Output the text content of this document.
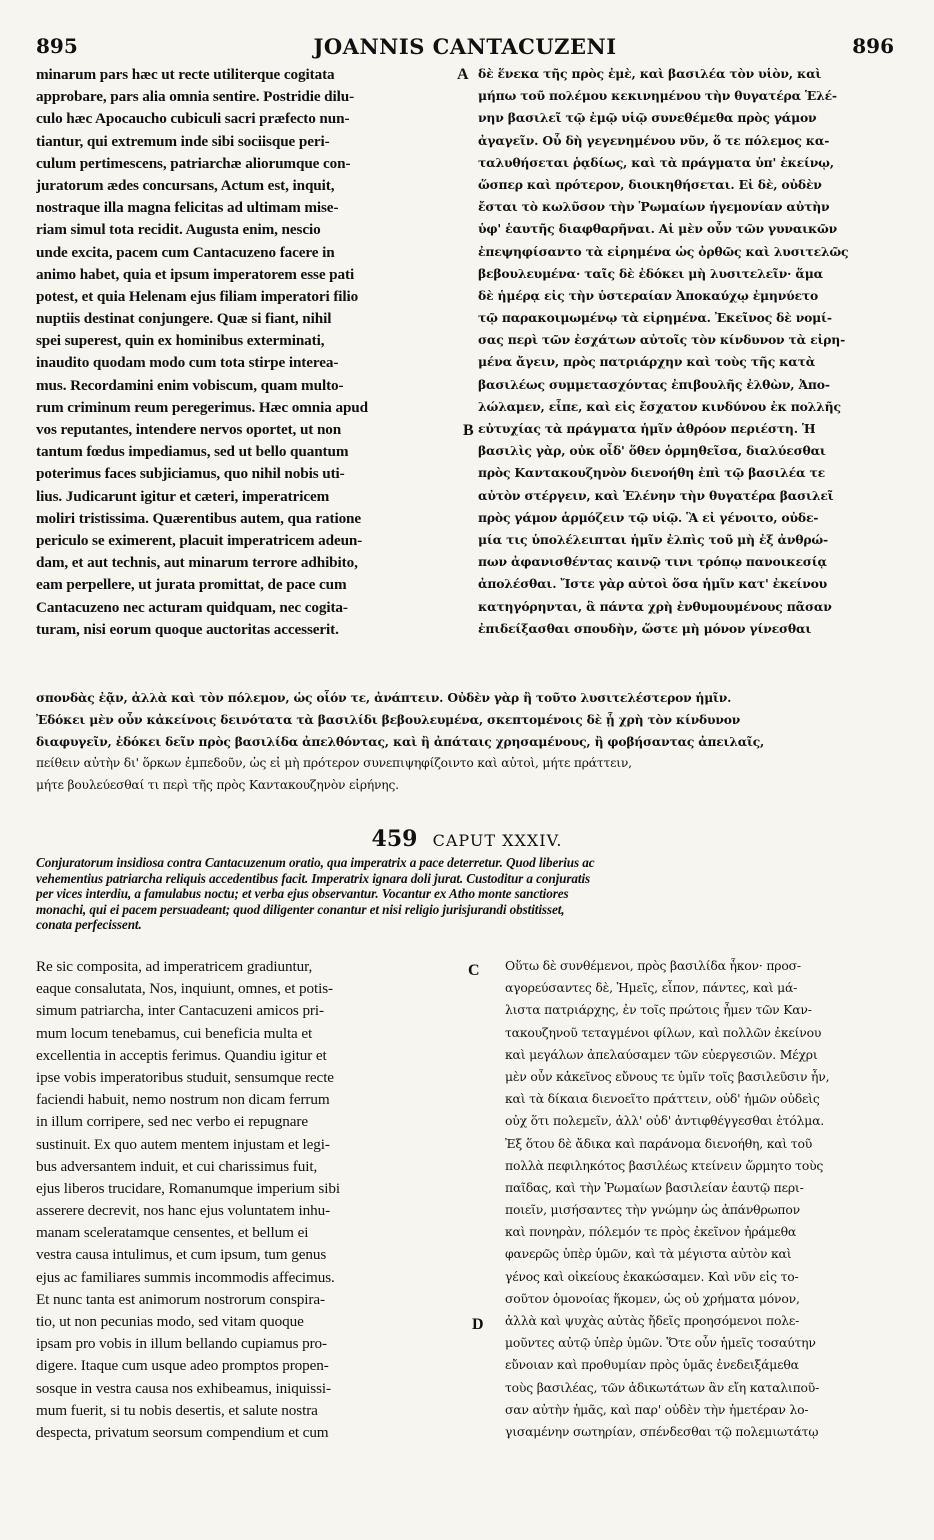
895	JOANNIS CANTACUZENI	896
minarum pars hæc ut recte utiliterque cogitata
approbare, pars alia omnia sentire. Postridie dilu-
culo hæc Apocaucho cubiculi sacri præfecto nun-
tiantur, qui extremum inde sibi sociisque peri-
culum pertimescens, patriarchæ aliorumque con-
juratorum ædes concursans, Actum est, inquit,
nostraque illa magna felicitas ad ultimam mise-
riam simul tota recidit. Augusta enim, nescio
unde excita, pacem cum Cantacuzeno facere in
animo habet, quia et ipsum imperatorem esse pati
potest, et quia Helenam ejus filiam imperatori filio
nuptiis destinat conjungere. Quæ si fiant, nihil
spei superest, quin ex hominibus exterminati,
inaudito quodam modo cum tota stirpe interea-
mus. Recordamini enim vobiscum, quam multo-
rum criminum reum peregerimus. Hæc omnia apud
vos reputantes, intendere nervos oportet, ut non
tantum fœdus impediamus, sed ut bello quantum
poterimus faces subjiciamus, quo nihil nobis uti-
lius. Judicarunt igitur et cæteri, imperatricem
moliri tristissima. Quærentibus autem, qua ratione
periculo se eximerent, placuit imperatricem adeun-
dam, et aut technis, aut minarum terrore adhibito,
eam perpellere, ut jurata promittat, de pace cum
Cantacuzeno nec acturam quidquam, nec cogita-
turam, nisi eorum quoque auctoritas accesserit.
δὲ ἕνεκα τῆς πρὸς ἐμὲ, καὶ βασιλέα τὸν υἱὸν, καὶ
μήπω τοῦ πολέμου κεκινημένου τὴν θυγατέρα Ἑλέ-
νην βασιλεῖ τῷ ἐμῷ υἱῷ συνεθέμεθα πρὸς γάμον
ἀγαγεῖν. Οὗ δὴ γεγενημένου νῦν, ὅ τε πόλεμος κα-
ταλυθήσεται ῥᾳδίως, καὶ τὰ πράγματα ὑπ' ἐκείνῳ,
ὥσπερ καὶ πρότερον, διοικηθήσεται. Εἰ δὲ, οὐδὲν
ἔσται τὸ κωλῦσον τὴν Ῥωμαίων ἡγεμονίαν αὐτὴν
ὑφ' ἑαυτῆς διαφθαρῆναι. Αἱ μὲν οὖν τῶν γυναικῶν
ἐπεψηφίσαντο τὰ εἰρημένα ὡς ὀρθῶς καὶ λυσιτελῶς
βεβουλευμένα· ταῖς δὲ ἐδόκει μὴ λυσιτελεῖν· ἅμα
δὲ ἡμέρᾳ εἰς τὴν ὑστεραίαν Ἀποκαύχῳ ἐμηνύετο
τῷ παρακοιμωμένῳ τὰ εἰρημένα. Ἐκεῖνος δὲ νομί-
σας περὶ τῶν ἐσχάτων αὐτοῖς τὸν κίνδυνον τὰ εἰρη-
μένα ἄγειν, πρὸς πατριάρχην καὶ τοὺς τῆς κατὰ
βασιλέως συμμετασχόντας ἐπιβουλῆς ἐλθὼν, Ἀπο-
λώλαμεν, εἶπε, καὶ εἰς ἔσχατον κινδύνου ἐκ πολλῆς
εὐτυχίας τὰ πράγματα ἡμῖν ἀθρόον περιέστη. Ἡ
βασιλὶς γὰρ, οὐκ οἶδ' ὅθεν ὁρμηθεῖσα, διαλύεσθαι
πρὸς Καντακουζηνὸν διενοήθη ἐπὶ τῷ βασιλέα τε
αὐτὸν στέργειν, καὶ Ἑλένην τὴν θυγατέρα βασιλεῖ
πρὸς γάμον ἁρμόζειν τῷ υἱῷ. Ἃ εἰ γένοιτο, οὐδε-
μία τις ὑπολέλειπται ἡμῖν ἐλπὶς τοῦ μὴ ἐξ ἀνθρώ-
πων ἀφανισθέντας καινῷ τινι τρόπῳ πανοικεσίᾳ
ἀπολέσθαι. Ἴστε γὰρ αὐτοὶ ὅσα ἡμῖν κατ' ἐκείνου
κατηγόρηνται, ἃ πάντα χρὴ ἐνθυμουμένους πᾶσαν
ἐπιδείξασθαι σπουδὴν, ὥστε μὴ μόνον γίνεσθαι
A
B
σπονδὰς ἐᾷν, ἀλλὰ καὶ τὸν πόλεμον, ὡς οἷόν τε, ἀνάπτειν. Οὐδὲν γὰρ ἢ τοῦτο λυσιτελέστερον ἡμῖν.
Ἐδόκει μὲν οὖν κἀκείνοις δεινότατα τὰ βασιλίδι βεβουλευμένα, σκεπτομένοις δὲ ᾗ χρὴ τὸν κίνδυνον
διαφυγεῖν, ἐδόκει δεῖν πρὸς βασιλίδα ἀπελθόντας, καὶ ἢ ἀπάταις χρησαμένους, ἢ φοβήσαντας ἀπειλαῖς,
πείθειν αὐτὴν δι' ὅρκων ἐμπεδοῦν, ὡς εἰ μὴ πρότερον συνεπιψηφίζοιντο καὶ αὐτοὶ, μήτε πράττειν,
μήτε βουλεύεσθαί τι περὶ τῆς πρὸς Καντακουζηνὸν εἰρήνης.
459 CAPUT XXXIV.
Conjuratorum insidiosa contra Cantacuzenum oratio, qua imperatrix a pace deterretur. Quod liberius ac
vehementius patriarcha reliquis accedentibus facit. Imperatrix ignara doli jurat. Custoditur a conjuratis
per vices interdiu, a famulabus noctu; et verba ejus observantur. Vocantur ex Atho monte sanctiores
monachi, qui ei pacem persuadeant; quod diligenter conantur et nisi religio jurisjurandi obstitisset,
conata perfecissent.
Re sic composita, ad imperatricem gradiuntur,
eaque consalutata, Nos, inquiunt, omnes, et potis-
simum patriarcha, inter Cantacuzeni amicos pri-
mum locum tenebamus, cui beneficia multa et
excellentia in acceptis ferimus. Quandiu igitur et
ipse vobis imperatoribus studuit, sensumque recte
faciendi habuit, nemo nostrum non dicam ferrum
in illum corripere, sed nec verbo ei repugnare
sustinuit. Ex quo autem mentem injustam et legi-
bus adversantem induit, et cui charissimus fuit,
ejus liberos trucidare, Romanumque imperium sibi
asserere decrevit, nos hanc ejus voluntatem inhu-
manam sceleratamque censentes, et bellum ei
vestra causa intulimus, et cum ipsum, tum genus
ejus ac familiares summis incommodis affecimus.
Et nunc tanta est animorum nostrorum conspira-
tio, ut non pecunias modo, sed vitam quoque
ipsam pro vobis in illum bellando cupiamus pro-
digere. Itaque cum usque adeo promptos propen-
sosque in vestra causa nos exhibeamus, iniquissi-
mum fuerit, si tu nobis desertis, et salute nostra
despecta, privatum seorsum compendium et cum
Οὕτω δὲ συνθέμενοι, πρὸς βασιλίδα ἧκον· προσ-
αγορεύσαντες δὲ, Ἡμεῖς, εἶπον, πάντες, καὶ μά-
λιστα πατριάρχης, ἐν τοῖς πρώτοις ἦμεν τῶν Καν-
τακουζηνοῦ τεταγμένοι φίλων, καὶ πολλῶν ἐκείνου
καὶ μεγάλων ἀπελαύσαμεν τῶν εὐεργεσιῶν. Μέχρι
μὲν οὖν κἀκεῖνος εὔνους τε ὑμῖν τοῖς βασιλεῦσιν ἦν,
καὶ τὰ δίκαια διενοεῖτο πράττειν, οὐδ' ἡμῶν οὐδεὶς
οὐχ ὅτι πολεμεῖν, ἀλλ' οὐδ' ἀντιφθέγγεσθαι ἐτόλμα.
Ἐξ ὅτου δὲ ἄδικα καὶ παράνομα διενοήθη, καὶ τοῦ
πολλὰ πεφιληκότος βασιλέως κτείνειν ὥρμητο τοὺς
παῖδας, καὶ τὴν Ῥωμαίων βασιλείαν ἑαυτῷ περι-
ποιεῖν, μισήσαντες τὴν γνώμην ὡς ἀπάνθρωπον
καὶ πονηρὰν, πόλεμόν τε πρὸς ἐκεῖνον ἠράμεθα
φανερῶς ὑπὲρ ὑμῶν, καὶ τὰ μέγιστα αὐτὸν καὶ
γένος καὶ οἰκείους ἐκακώσαμεν. Καὶ νῦν εἰς το-
σοῦτον ὁμονοίας ἥκομεν, ὡς οὐ χρήματα μόνον,
ἀλλὰ καὶ ψυχὰς αὐτὰς ἤδεῖς προησόμενοι πολε-
μοῦντες αὐτῷ ὑπὲρ ὑμῶν. Ὅτε οὖν ἡμεῖς τοσαύτην
εὔνοιαν καὶ προθυμίαν πρὸς ὑμᾶς ἐνεδειξάμεθα
τοὺς βασιλέας, τῶν ἀδικωτάτων ἂν εἴη καταλιποῦ-
σαν αὐτὴν ἡμᾶς, καὶ παρ' οὐδὲν τὴν ἡμετέραν λο-
γισαμένην σωτηρίαν, σπένδεσθαι τῷ πολεμιωτάτῳ
C
D
